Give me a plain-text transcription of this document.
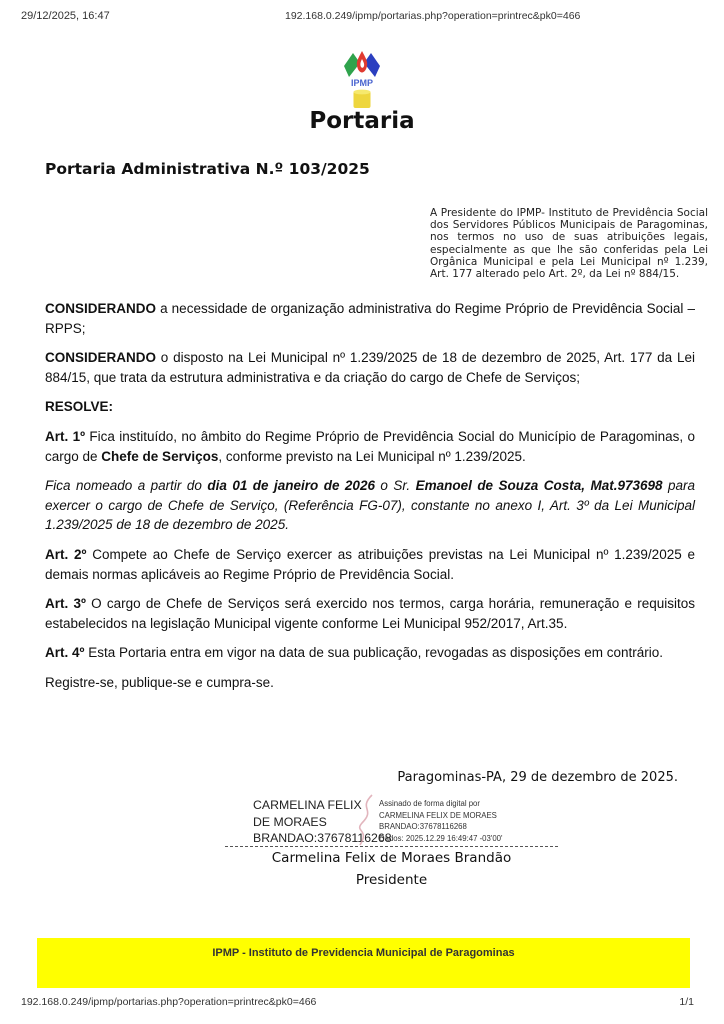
29/12/2025, 16:47	192.168.0.249/ipmp/portarias.php?operation=printrec&pk0=466
IPMP
Portaria
Portaria Administrativa N.º 103/2025
A Presidente do IPMP- Instituto de Previdência Social dos Servidores Públicos Municipais de Paragominas, nos termos no uso de suas atribuições legais, especialmente as que lhe são conferidas pela Lei Orgânica Municipal e pela Lei Municipal nº 1.239, Art. 177 alterado pelo Art. 2º, da Lei nº 884/15.

CONSIDERANDO a necessidade de organização administrativa do Regime Próprio de Previdência Social – RPPS;

CONSIDERANDO o disposto na Lei Municipal nº 1.239/2025 de 18 de dezembro de 2025, Art. 177 da Lei 884/15, que trata da estrutura administrativa e da criação do cargo de Chefe de Serviços;

RESOLVE:

Art. 1º Fica instituído, no âmbito do Regime Próprio de Previdência Social do Município de Paragominas, o cargo de Chefe de Serviços, conforme previsto na Lei Municipal nº 1.239/2025.

Fica nomeado a partir do dia 01 de janeiro de 2026 o Sr. Emanoel de Souza Costa, Mat.973698 para exercer o cargo de Chefe de Serviço, (Referência FG-07), constante no anexo I, Art. 3º da Lei Municipal 1.239/2025 de 18 de dezembro de 2025.

Art. 2º Compete ao Chefe de Serviço exercer as atribuições previstas na Lei Municipal nº 1.239/2025 e demais normas aplicáveis ao Regime Próprio de Previdência Social.

Art. 3º O cargo de Chefe de Serviços será exercido nos termos, carga horária, remuneração e requisitos estabelecidos na legislação Municipal vigente conforme Lei Municipal 952/2017, Art.35.

Art. 4º Esta Portaria entra em vigor na data de sua publicação, revogadas as disposições em contrário.

Registre-se, publique-se e cumpra-se.

Paragominas-PA, 29 de dezembro de 2025.
CARMELINA FELIX DE MORAES BRANDAO:37678116268
Assinado de forma digital por
CARMELINA FELIX DE MORAES
BRANDAO:37678116268
Dados: 2025.12.29 16:49:47 -03'00'
Carmelina Felix de Moraes Brandão
Presidente
IPMP - Instituto de Previdencia Municipal de Paragominas
192.168.0.249/ipmp/portarias.php?operation=printrec&pk0=466	1/1
